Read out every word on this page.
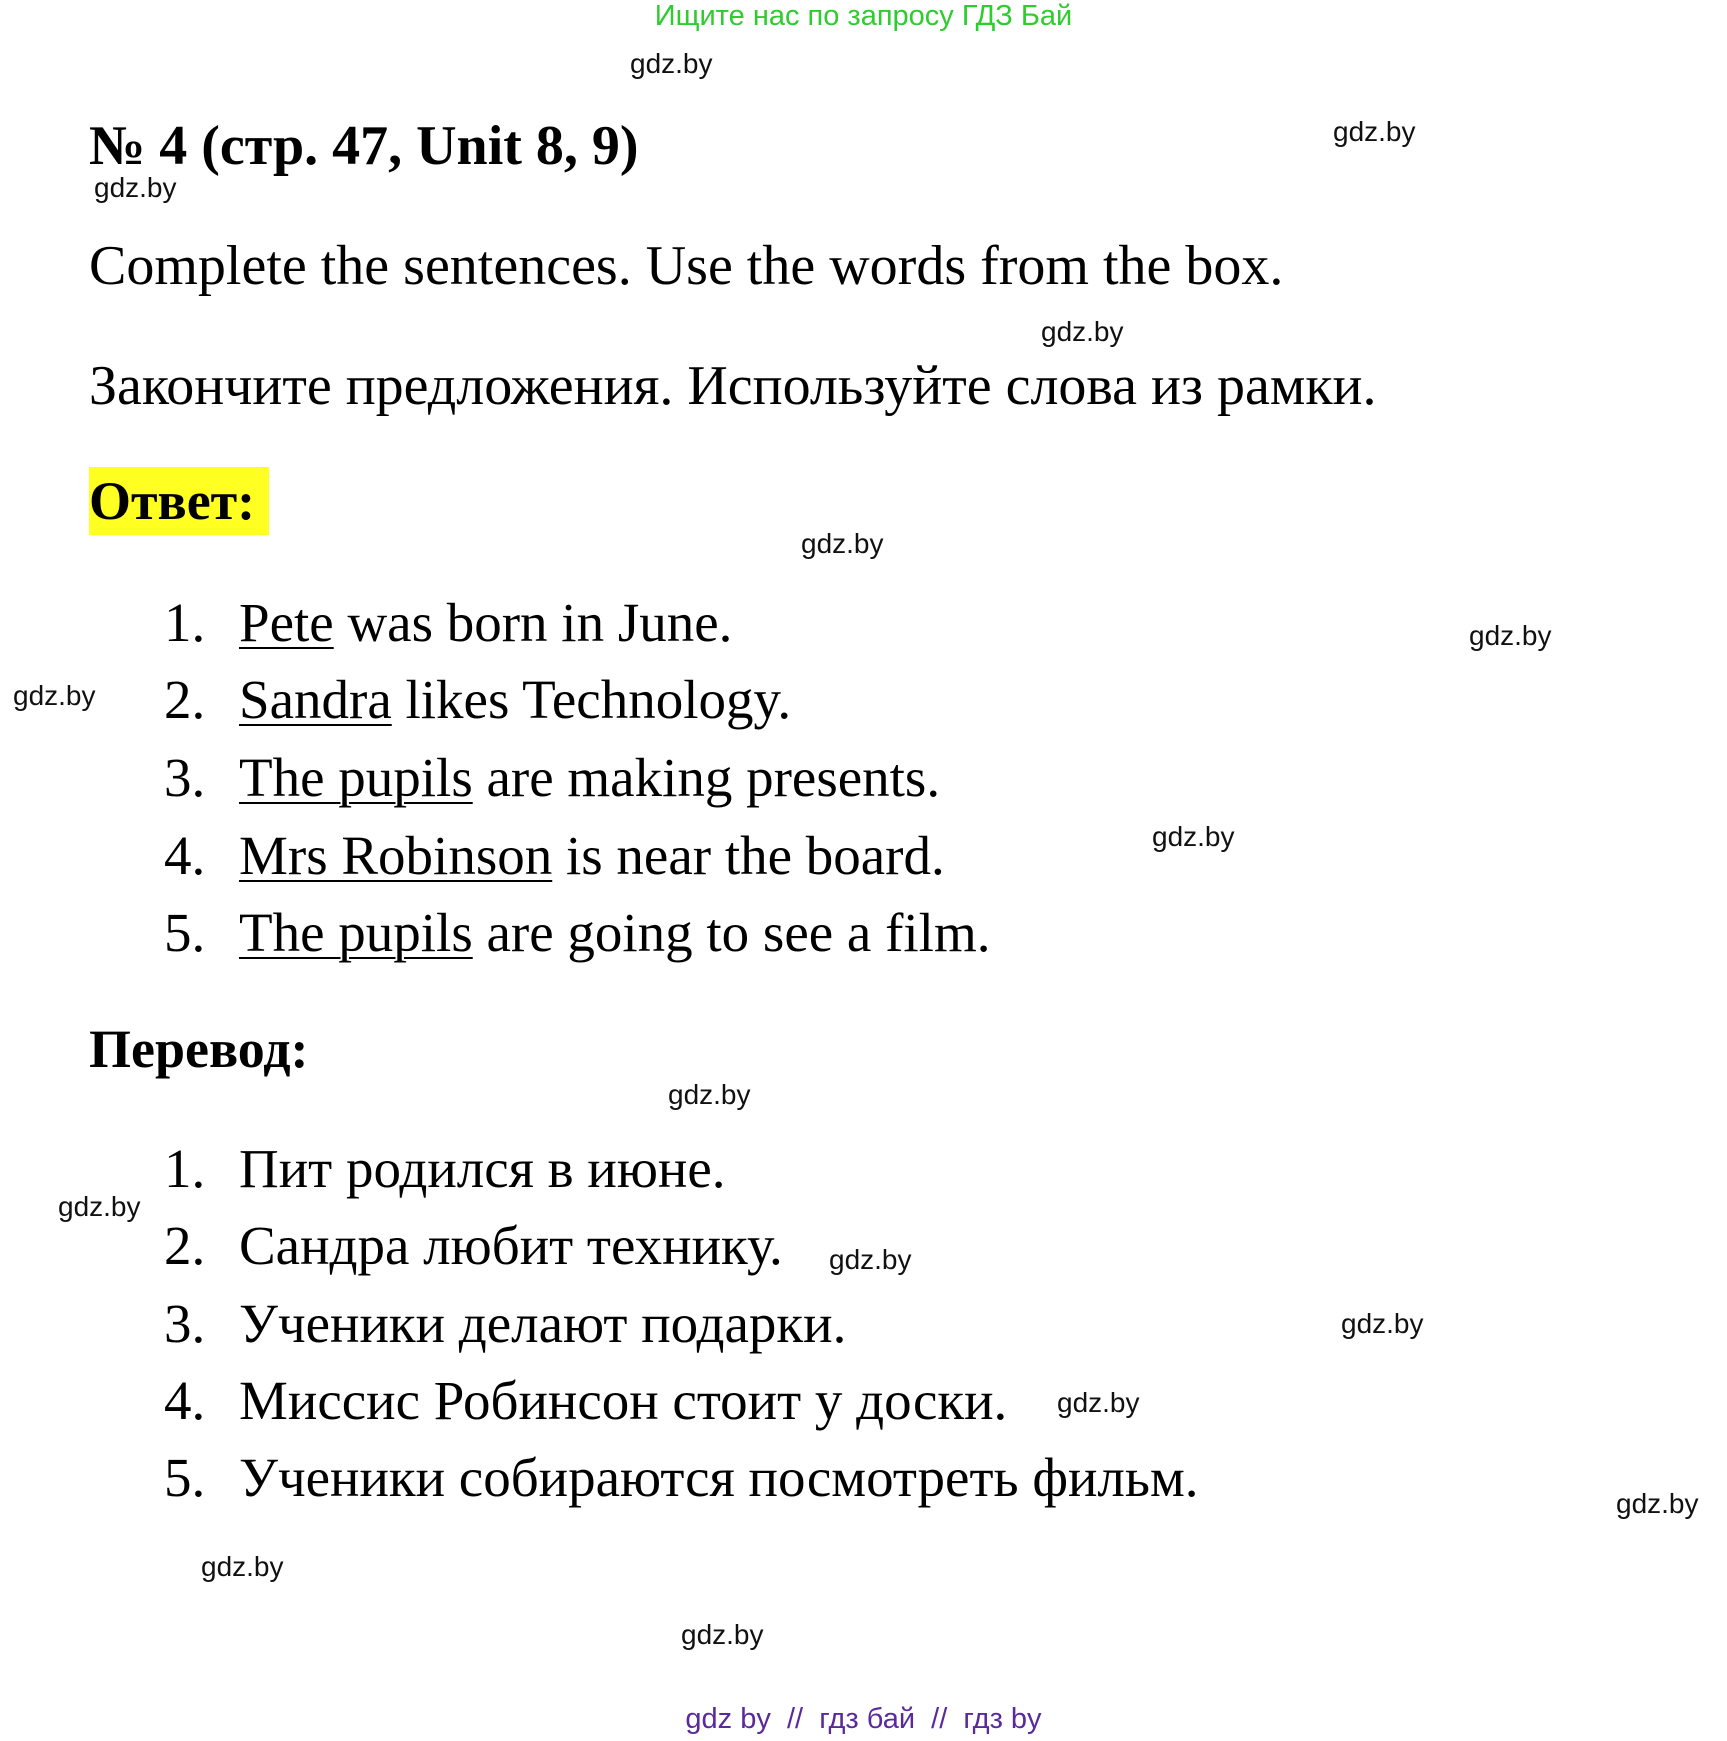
Ищите нас по запросу ГДЗ Бай
№ 4 (стр. 47, Unit 8, 9)
Complete the sentences. Use the words from the box.
Закончите предложения. Используйте слова из рамки.
Ответ:
1. Pete was born in June.
2. Sandra likes Technology.
3. The pupils are making presents.
4. Mrs Robinson is near the board.
5. The pupils are going to see a film.
Перевод:
1. Пит родился в июне.
2. Сандра любит технику.
3. Ученики делают подарки.
4. Миссис Робинсон стоит у доски.
5. Ученики собираются посмотреть фильм.
gdz.by
gdz.by
gdz.by
gdz.by
gdz.by
gdz.by
gdz.by
gdz.by
gdz.by
gdz.by
gdz.by
gdz.by
gdz.by
gdz.by
gdz.by
gdz.by
gdz by  //  гдз бай  //  гдз by
